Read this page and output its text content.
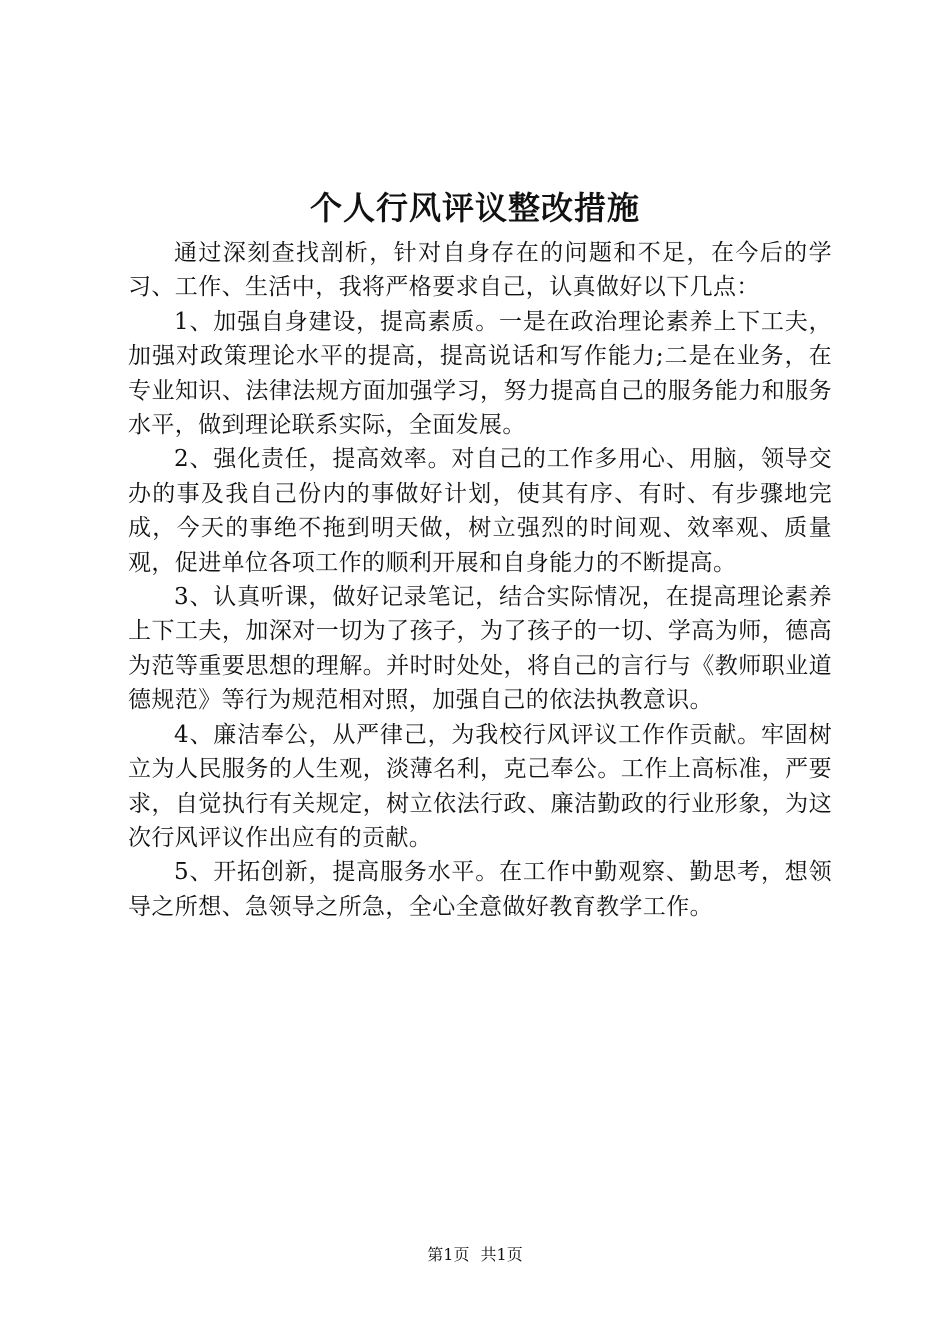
个人行风评议整改措施

通过深刻查找剖析，针对自身存在的问题和不足，在今后的学习、工作、生活中，我将严格要求自己，认真做好以下几点：

1、加强自身建设，提高素质。一是在政治理论素养上下工夫，加强对政策理论水平的提高，提高说话和写作能力;二是在业务，在专业知识、法律法规方面加强学习，努力提高自己的服务能力和服务水平，做到理论联系实际，全面发展。

2、强化责任，提高效率。对自己的工作多用心、用脑，领导交办的事及我自己份内的事做好计划，使其有序、有时、有步骤地完成，今天的事绝不拖到明天做，树立强烈的时间观、效率观、质量观，促进单位各项工作的顺利开展和自身能力的不断提高。

3、认真听课，做好记录笔记，结合实际情况，在提高理论素养上下工夫，加深对一切为了孩子，为了孩子的一切、学高为师，德高为范等重要思想的理解。并时时处处，将自己的言行与《教师职业道德规范》等行为规范相对照，加强自己的依法执教意识。

4、廉洁奉公，从严律己，为我校行风评议工作作贡献。牢固树立为人民服务的人生观，淡薄名利，克己奉公。工作上高标准，严要求，自觉执行有关规定，树立依法行政、廉洁勤政的行业形象，为这次行风评议作出应有的贡献。

5、开拓创新，提高服务水平。在工作中勤观察、勤思考，想领导之所想、急领导之所急，全心全意做好教育教学工作。

第1页 共1页
